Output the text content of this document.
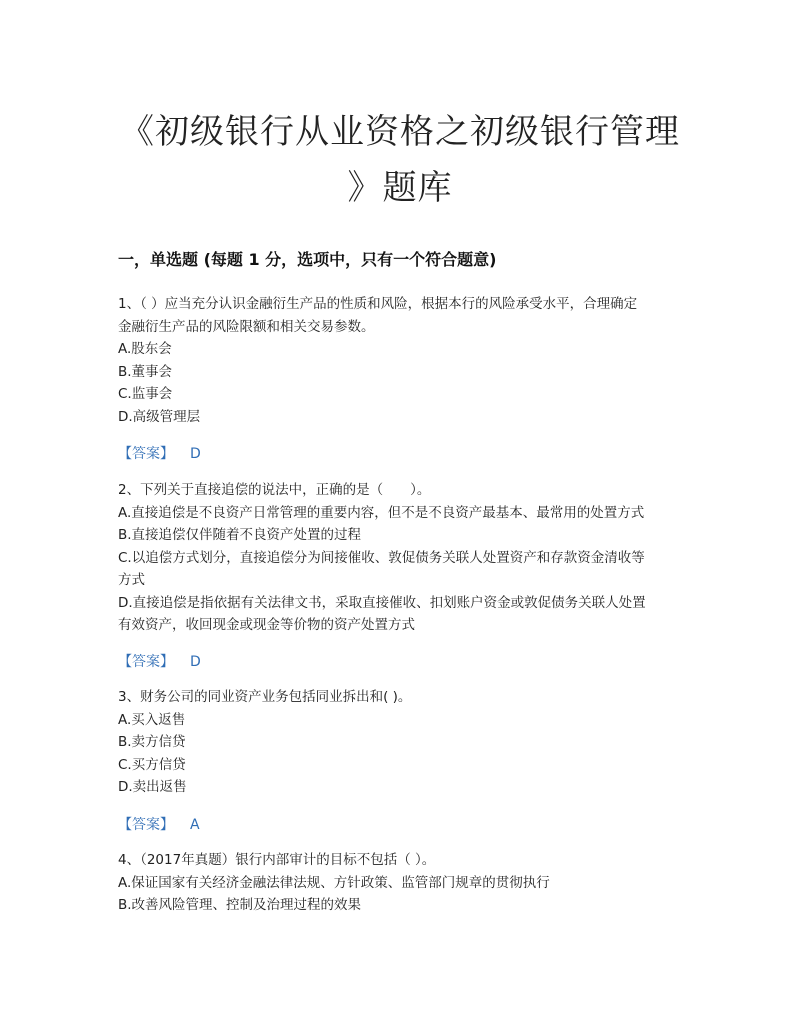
《初级银行从业资格之初级银行管理
》题库
一，单选题 (每题 1 分，选项中，只有一个符合题意)

1、（ ）应当充分认识金融衍生产品的性质和风险，根据本行的风险承受水平，合理确定

金融衍生产品的风险限额和相关交易参数。

A.股东会

B.董事会

C.监事会

D.高级管理层

【答案】 D

2、下列关于直接追偿的说法中，正确的是（　　）。

A.直接追偿是不良资产日常管理的重要内容，但不是不良资产最基本、最常用的处置方式

B.直接追偿仅伴随着不良资产处置的过程

C.以追偿方式划分，直接追偿分为间接催收、敦促债务关联人处置资产和存款资金清收等

方式

D.直接追偿是指依据有关法律文书，采取直接催收、扣划账户资金或敦促债务关联人处置

有效资产，收回现金或现金等价物的资产处置方式

【答案】 D

3、财务公司的同业资产业务包括同业拆出和( )。

A.买入返售

B.卖方信贷

C.买方信贷

D.卖出返售

【答案】 A

4、（2017年真题）银行内部审计的目标不包括（ ）。

A.保证国家有关经济金融法律法规、方针政策、监管部门规章的贯彻执行

B.改善风险管理、控制及治理过程的效果
